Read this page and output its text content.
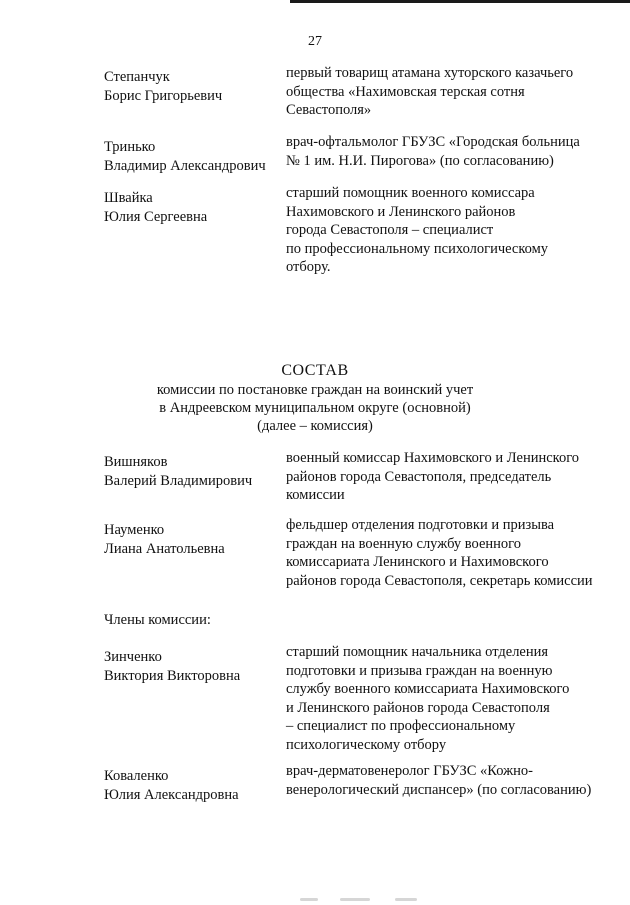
27
Степанчук
Борис Григорьевич
первый товарищ атамана хуторского казачьего
общества «Нахимовская терская сотня
Севастополя»
Тринько
Владимир Александрович
врач-офтальмолог ГБУЗС «Городская больница
№ 1 им. Н.И. Пирогова» (по согласованию)
Швайка
Юлия Сергеевна
старший помощник военного комиссара
Нахимовского и Ленинского районов
города Севастополя – специалист
по профессиональному психологическому
отбору.
СОСТАВ
комиссии по постановке граждан на воинский учет
в Андреевском муниципальном округе (основной)
(далее – комиссия)
Вишняков
Валерий Владимирович
военный комиссар Нахимовского и Ленинского
районов города Севастополя, председатель
комиссии
Науменко
Лиана Анатольевна
фельдшер отделения подготовки и призыва
граждан на военную службу военного
комиссариата Ленинского и Нахимовского
районов города Севастополя, секретарь комиссии
Члены комиссии:
Зинченко
Виктория Викторовна
старший помощник начальника отделения
подготовки и призыва граждан на военную
службу военного комиссариата Нахимовского
и Ленинского районов города Севастополя
– специалист по профессиональному
психологическому отбору
Коваленко
Юлия Александровна
врач-дерматовенеролог ГБУЗС «Кожно-
венерологический диспансер» (по согласованию)
